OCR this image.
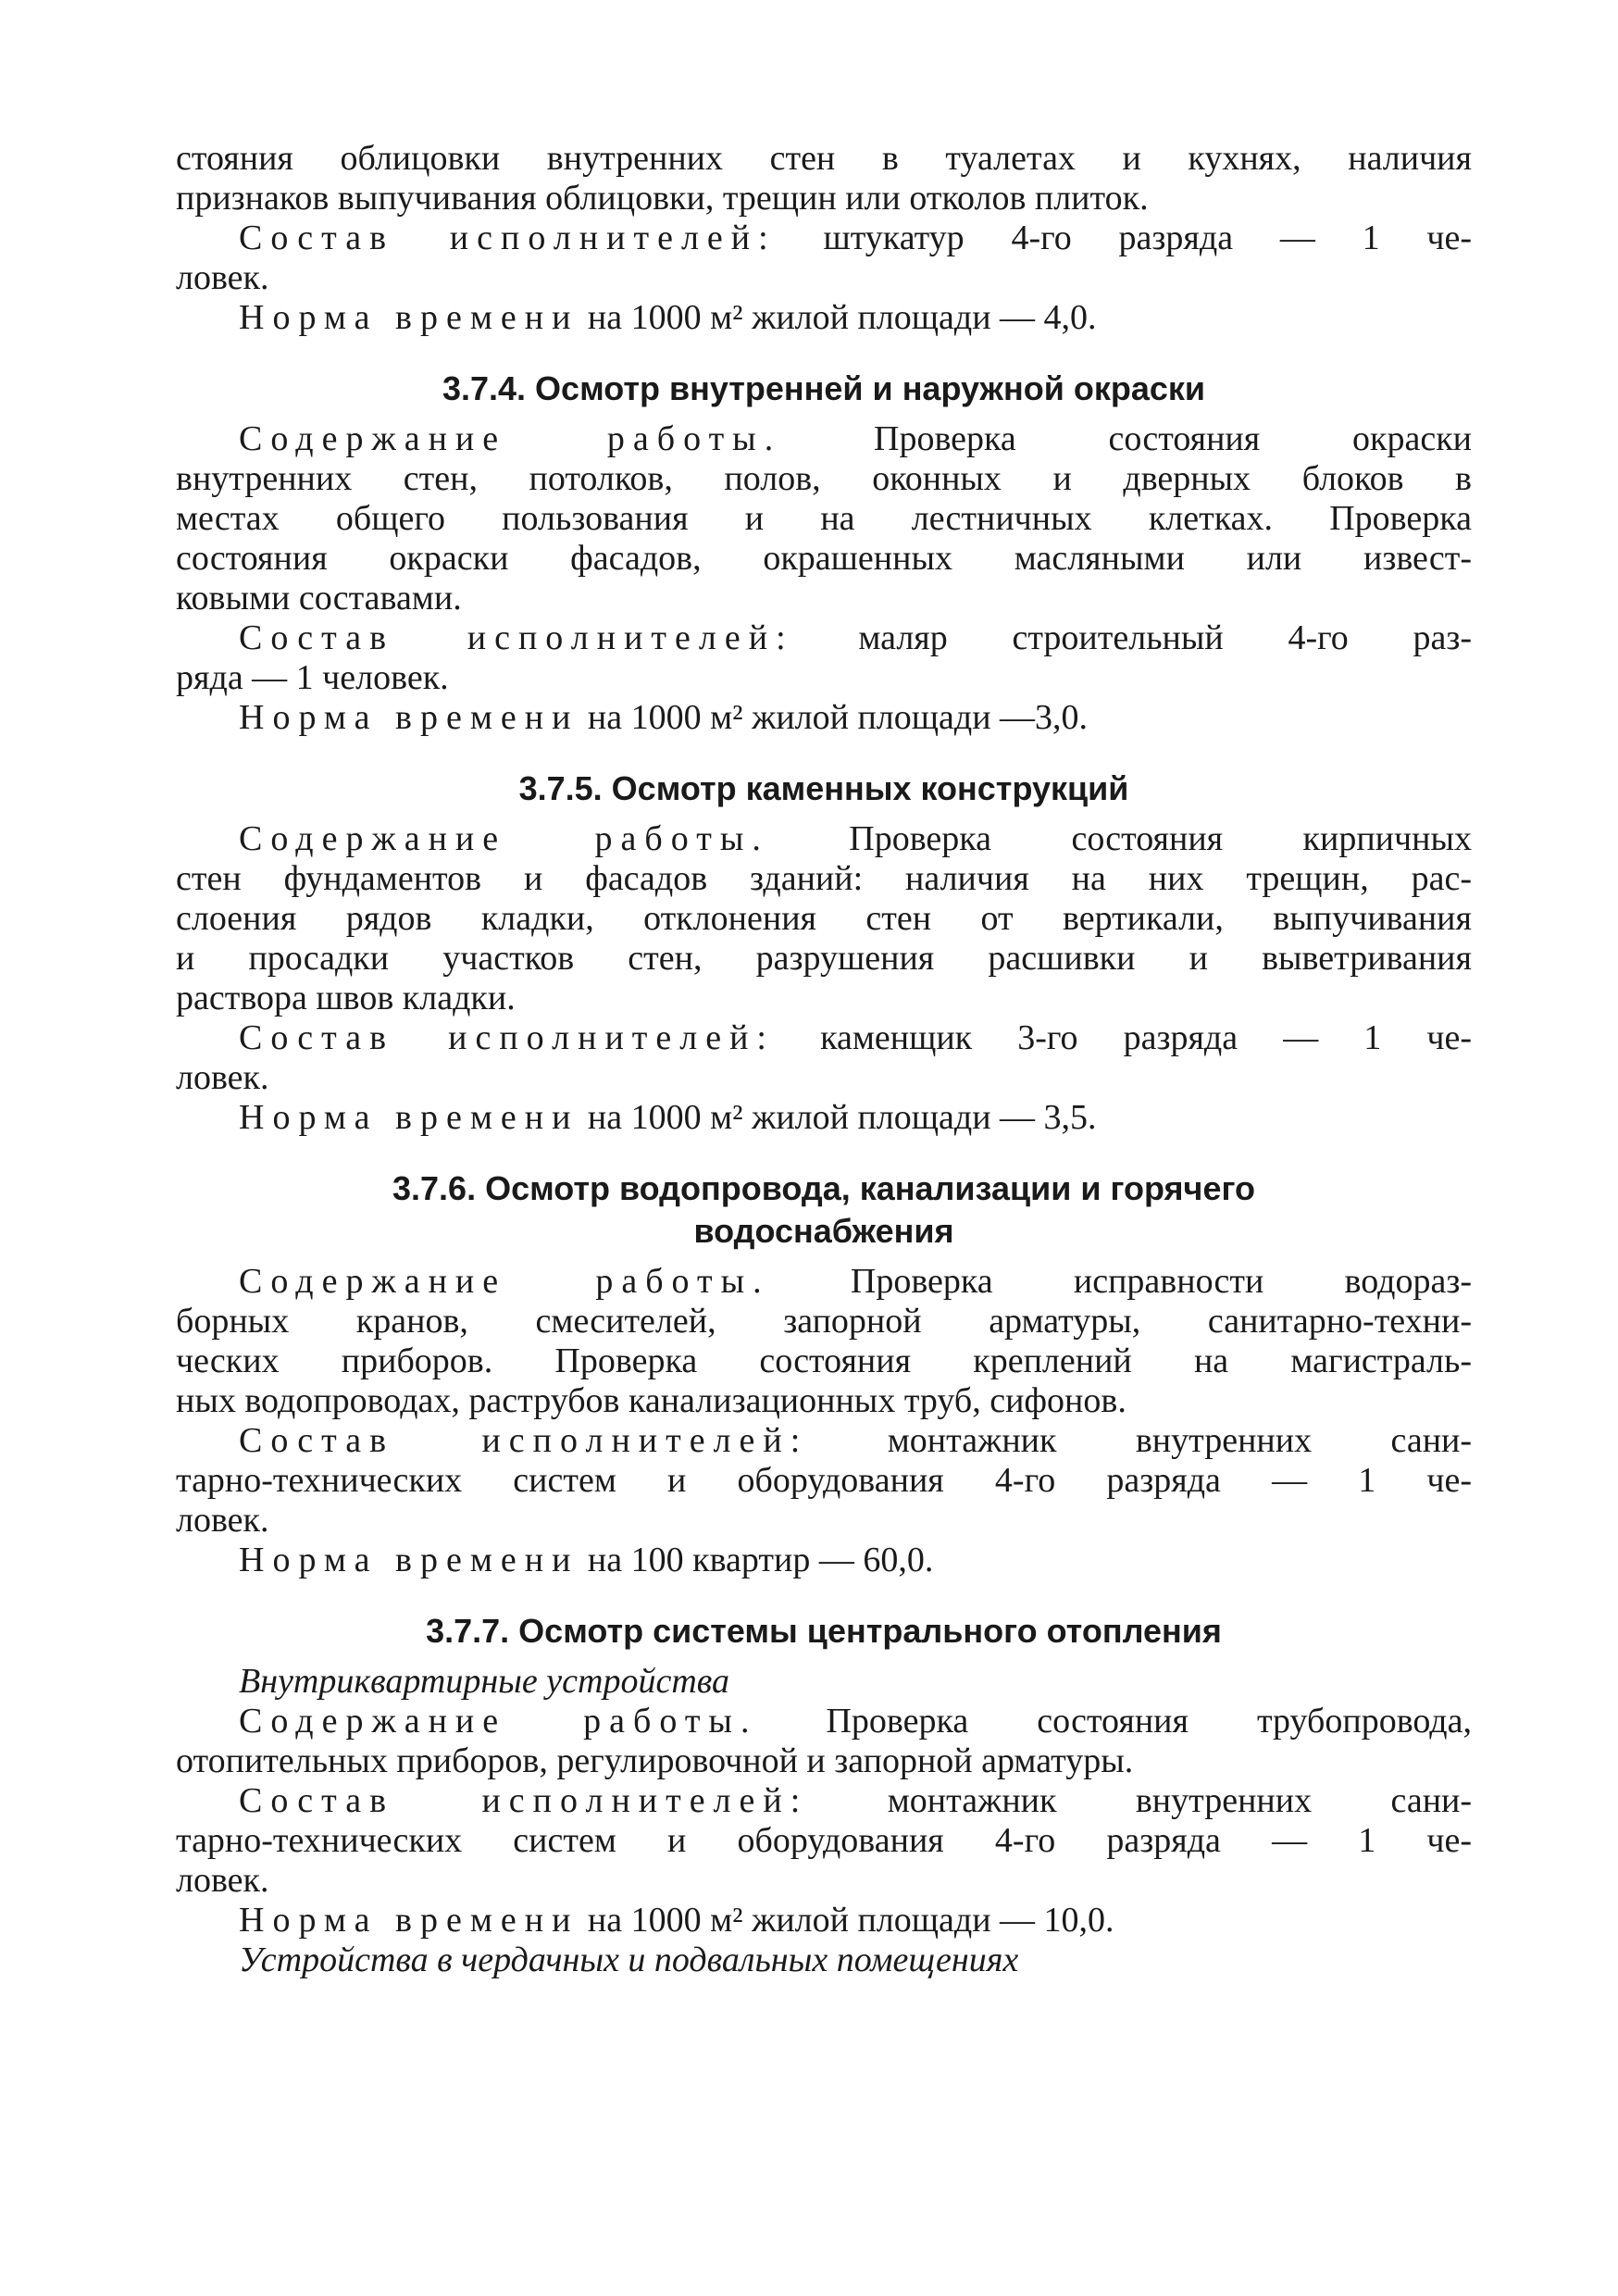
стояния облицовки внутренних стен в туалетах и кухнях, наличия
признаков выпучивания облицовки, трещин или отколов плиток.
Состав исполнителей: штукатур 4-го разряда — 1 че-
ловек.
Норма времени на 1000 м² жилой площади — 4,0.
3.7.4. Осмотр внутренней и наружной окраски
Содержание работы.	Проверка состояния окраски
внутренних стен, потолков, полов, оконных и дверных блоков в
местах общего пользования и на лестничных клетках. Проверка
состояния окраски фасадов, окрашенных масляными или извест-
ковыми составами.
Состав исполнителей: маляр строительный 4-го раз-
ряда — 1 человек.
Норма времени на 1000 м² жилой площади —3,0.
3.7.5. Осмотр каменных конструкций
Содержание работы. Проверка состояния кирпичных
стен фундаментов и фасадов зданий: наличия на них трещин, рас-
слоения рядов кладки, отклонения стен от вертикали, выпучивания
и просадки участков стен, разрушения расшивки и выветривания
раствора швов кладки.
Состав исполнителей: каменщик 3-го разряда — 1 че-
ловек.
Норма времени на 1000 м² жилой площади — 3,5.
3.7.6. Осмотр водопровода, канализации и горячего
водоснабжения
Содержание работы. Проверка исправности водораз-
борных кранов, смесителей, запорной арматуры, санитарно-техни-
ческих приборов. Проверка состояния креплений на магистраль-
ных водопроводах, раструбов канализационных труб, сифонов.
Состав исполнителей: монтажник внутренних сани-
тарно-технических систем и оборудования 4-го разряда — 1 че-
ловек.
Норма времени на 100 квартир — 60,0.
3.7.7. Осмотр системы центрального отопления
Внутриквартирные устройства
Содержание работы. Проверка состояния трубопровода,
отопительных приборов, регулировочной и запорной арматуры.
Состав исполнителей: монтажник внутренних сани-
тарно-технических систем и оборудования 4-го разряда — 1 че-
ловек.
Норма времени на 1000 м² жилой площади — 10,0.
Устройства в чердачных и подвальных помещениях
